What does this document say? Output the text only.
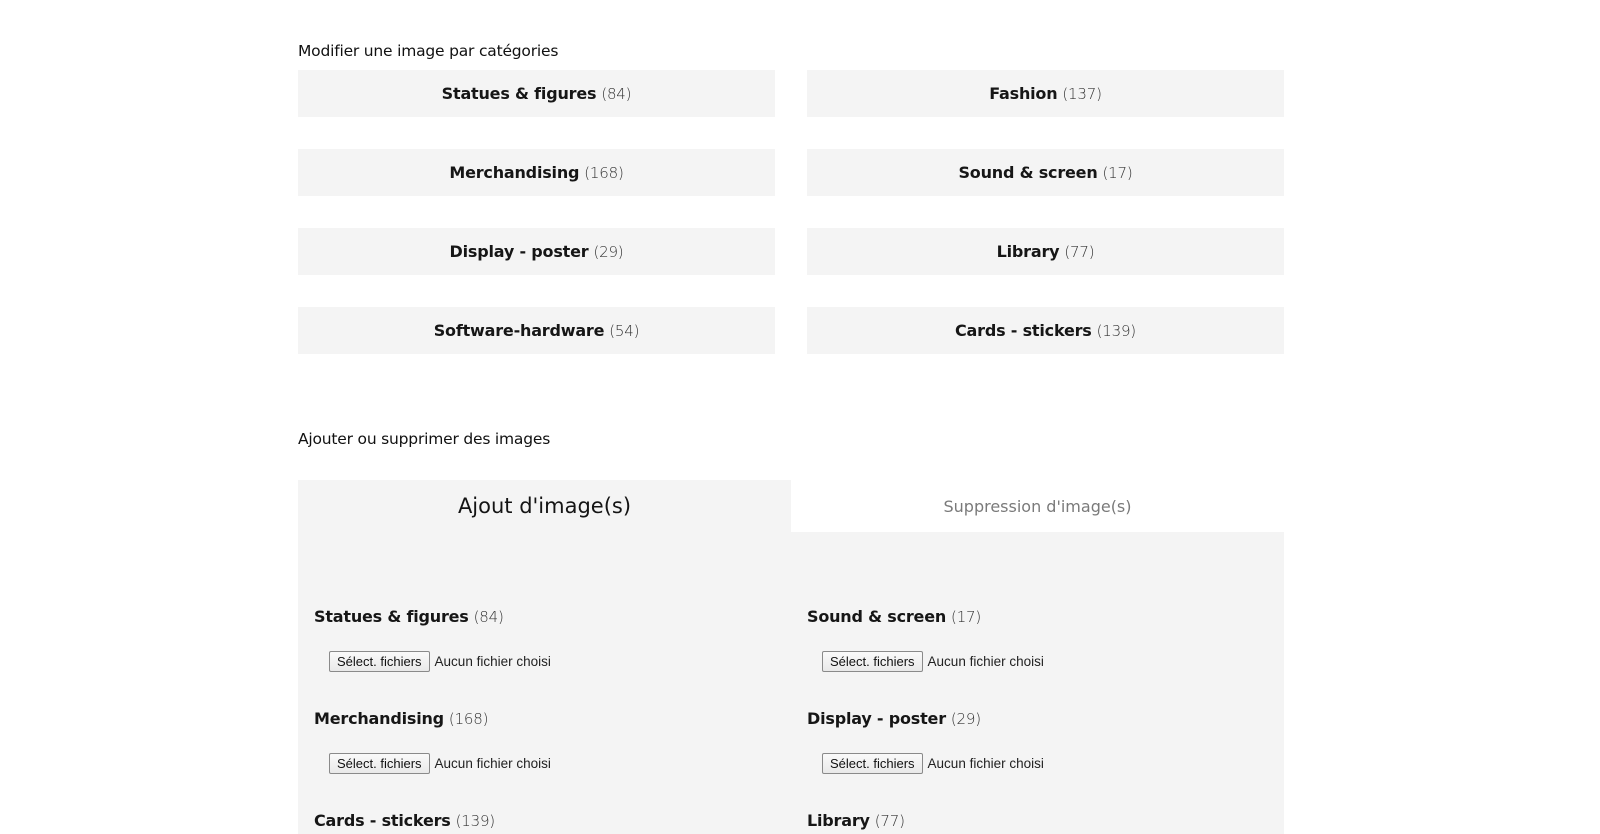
Modifier une image par catégories
Statues & figures (84)	Fashion (137)
Merchandising (168)	Sound & screen (17)
Display - poster (29)	Library (77)
Software-hardware (54)	Cards - stickers (139)
Ajouter ou supprimer des images
Ajout d'image(s)	Suppression d'image(s)
Statues & figures (84)
Sélect. fichiers Aucun fichier choisi
Sound & screen (17)
Sélect. fichiers Aucun fichier choisi
Merchandising (168)
Sélect. fichiers Aucun fichier choisi
Display - poster (29)
Sélect. fichiers Aucun fichier choisi
Cards - stickers (139)	Library (77)
